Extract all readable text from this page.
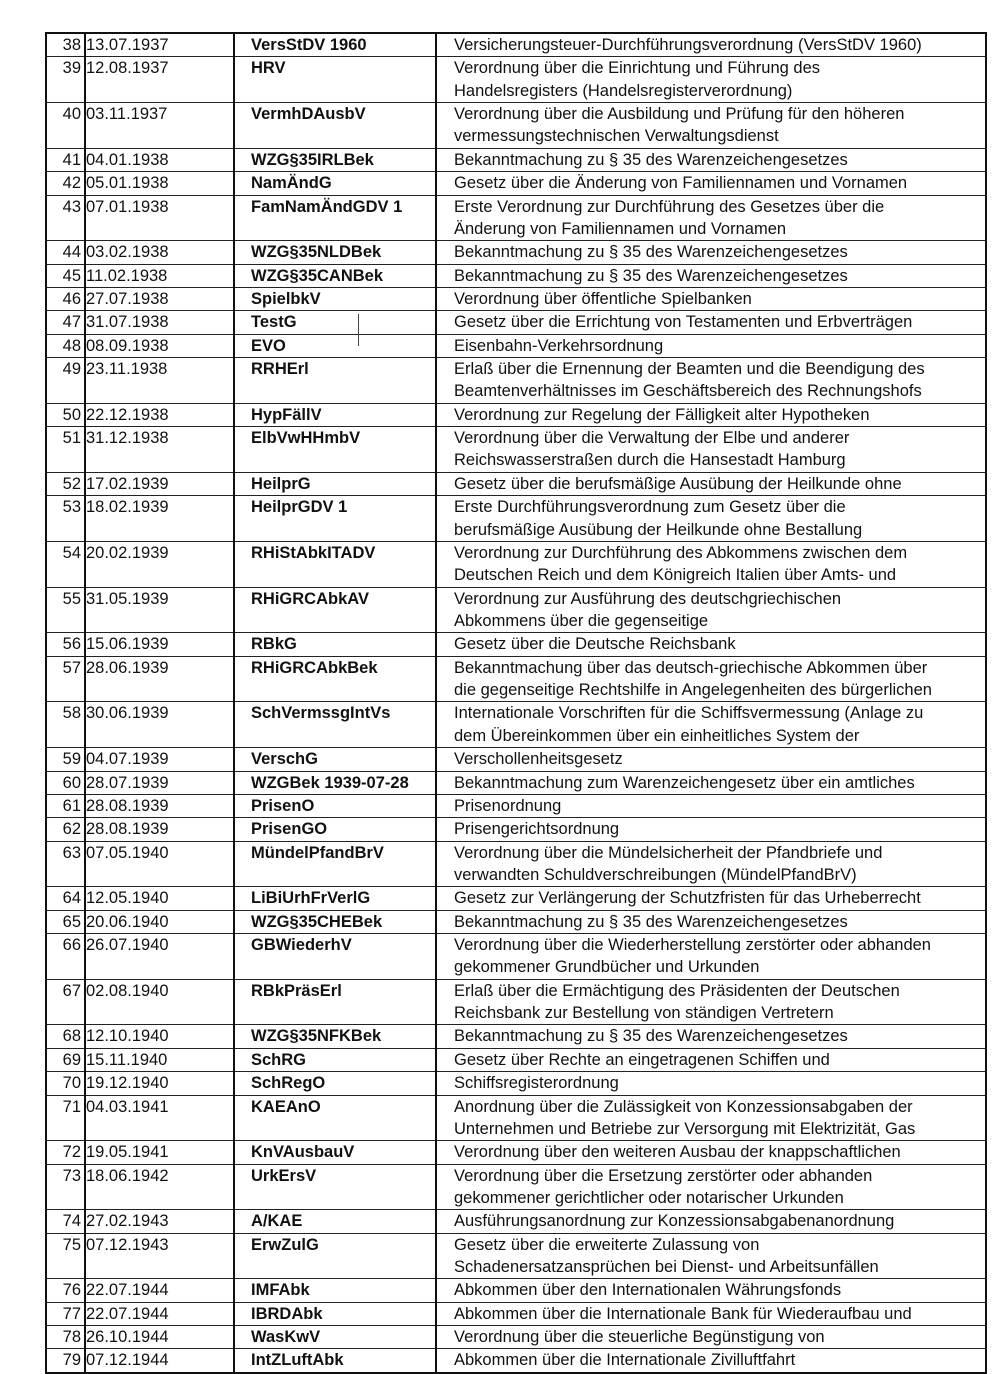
38	13.07.1937	VersStDV 1960	Versicherungsteuer-Durchführungsverordnung (VersStDV 1960)

39	12.08.1937	HRV	Verordnung über die Einrichtung und Führung des
Handelsregisters (Handelsregisterverordnung)

40	03.11.1937	VermhDAusbV	Verordnung über die Ausbildung und Prüfung für den höheren
vermessungstechnischen Verwaltungsdienst

41	04.01.1938	WZG§35IRLBek	Bekanntmachung zu § 35 des Warenzeichengesetzes

42	05.01.1938	NamÄndG	Gesetz über die Änderung von Familiennamen und Vornamen

43	07.01.1938	FamNamÄndGDV 1	Erste Verordnung zur Durchführung des Gesetzes über die
Änderung von Familiennamen und Vornamen

44	03.02.1938	WZG§35NLDBek	Bekanntmachung zu § 35 des Warenzeichengesetzes

45	11.02.1938	WZG§35CANBek	Bekanntmachung zu § 35 des Warenzeichengesetzes

46	27.07.1938	SpielbkV	Verordnung über öffentliche Spielbanken

47	31.07.1938	TestG	Gesetz über die Errichtung von Testamenten und Erbverträgen

48	08.09.1938	EVO	Eisenbahn-Verkehrsordnung

49	23.11.1938	RRHErl	Erlaß über die Ernennung der Beamten und die Beendigung des
Beamtenverhältnisses im Geschäftsbereich des Rechnungshofs

50	22.12.1938	HypFällV	Verordnung zur Regelung der Fälligkeit alter Hypotheken

51	31.12.1938	ElbVwHHmbV	Verordnung über die Verwaltung der Elbe und anderer
Reichswasserstraßen durch die Hansestadt Hamburg

52	17.02.1939	HeilprG	Gesetz über die berufsmäßige Ausübung der Heilkunde ohne

53	18.02.1939	HeilprGDV 1	Erste Durchführungsverordnung zum Gesetz über die
berufsmäßige Ausübung der Heilkunde ohne Bestallung

54	20.02.1939	RHiStAbkITADV	Verordnung zur Durchführung des Abkommens zwischen dem
Deutschen Reich und dem Königreich Italien über Amts- und

55	31.05.1939	RHiGRCAbkAV	Verordnung zur Ausführung des deutschgriechischen
Abkommens über die gegenseitige

56	15.06.1939	RBkG	Gesetz über die Deutsche Reichsbank

57	28.06.1939	RHiGRCAbkBek	Bekanntmachung über das deutsch-griechische Abkommen über
die gegenseitige Rechtshilfe in Angelegenheiten des bürgerlichen

58	30.06.1939	SchVermssgIntVs	Internationale Vorschriften für die Schiffsvermessung (Anlage zu
dem Übereinkommen über ein einheitliches System der

59	04.07.1939	VerschG	Verschollenheitsgesetz

60	28.07.1939	WZGBek 1939-07-28	Bekanntmachung zum Warenzeichengesetz über ein amtliches

61	28.08.1939	PrisenO	Prisenordnung

62	28.08.1939	PrisenGO	Prisengerichtsordnung

63	07.05.1940	MündelPfandBrV	Verordnung über die Mündelsicherheit der Pfandbriefe und
verwandten Schuldverschreibungen (MündelPfandBrV)

64	12.05.1940	LiBiUrhFrVerlG	Gesetz zur Verlängerung der Schutzfristen für das Urheberrecht

65	20.06.1940	WZG§35CHEBek	Bekanntmachung zu § 35 des Warenzeichengesetzes

66	26.07.1940	GBWiederhV	Verordnung über die Wiederherstellung zerstörter oder abhanden
gekommener Grundbücher und Urkunden

67	02.08.1940	RBkPräsErl	Erlaß über die Ermächtigung des Präsidenten der Deutschen
Reichsbank zur Bestellung von ständigen Vertretern

68	12.10.1940	WZG§35NFKBek	Bekanntmachung zu § 35 des Warenzeichengesetzes

69	15.11.1940	SchRG	Gesetz über Rechte an eingetragenen Schiffen und

70	19.12.1940	SchRegO	Schiffsregisterordnung

71	04.03.1941	KAEAnO	Anordnung über die Zulässigkeit von Konzessionsabgaben der
Unternehmen und Betriebe zur Versorgung mit Elektrizität, Gas

72	19.05.1941	KnVAusbauV	Verordnung über den weiteren Ausbau der knappschaftlichen

73	18.06.1942	UrkErsV	Verordnung über die Ersetzung zerstörter oder abhanden
gekommener gerichtlicher oder notarischer Urkunden

74	27.02.1943	A/KAE	Ausführungsanordnung zur Konzessionsabgabenanordnung

75	07.12.1943	ErwZulG	Gesetz über die erweiterte Zulassung von
Schadenersatzansprüchen bei Dienst- und Arbeitsunfällen

76	22.07.1944	IMFAbk	Abkommen über den Internationalen Währungsfonds

77	22.07.1944	IBRDAbk	Abkommen über die Internationale Bank für Wiederaufbau und

78	26.10.1944	WasKwV	Verordnung über die steuerliche Begünstigung von

79	07.12.1944	IntZLuftAbk	Abkommen über die Internationale Zivilluftfahrt
